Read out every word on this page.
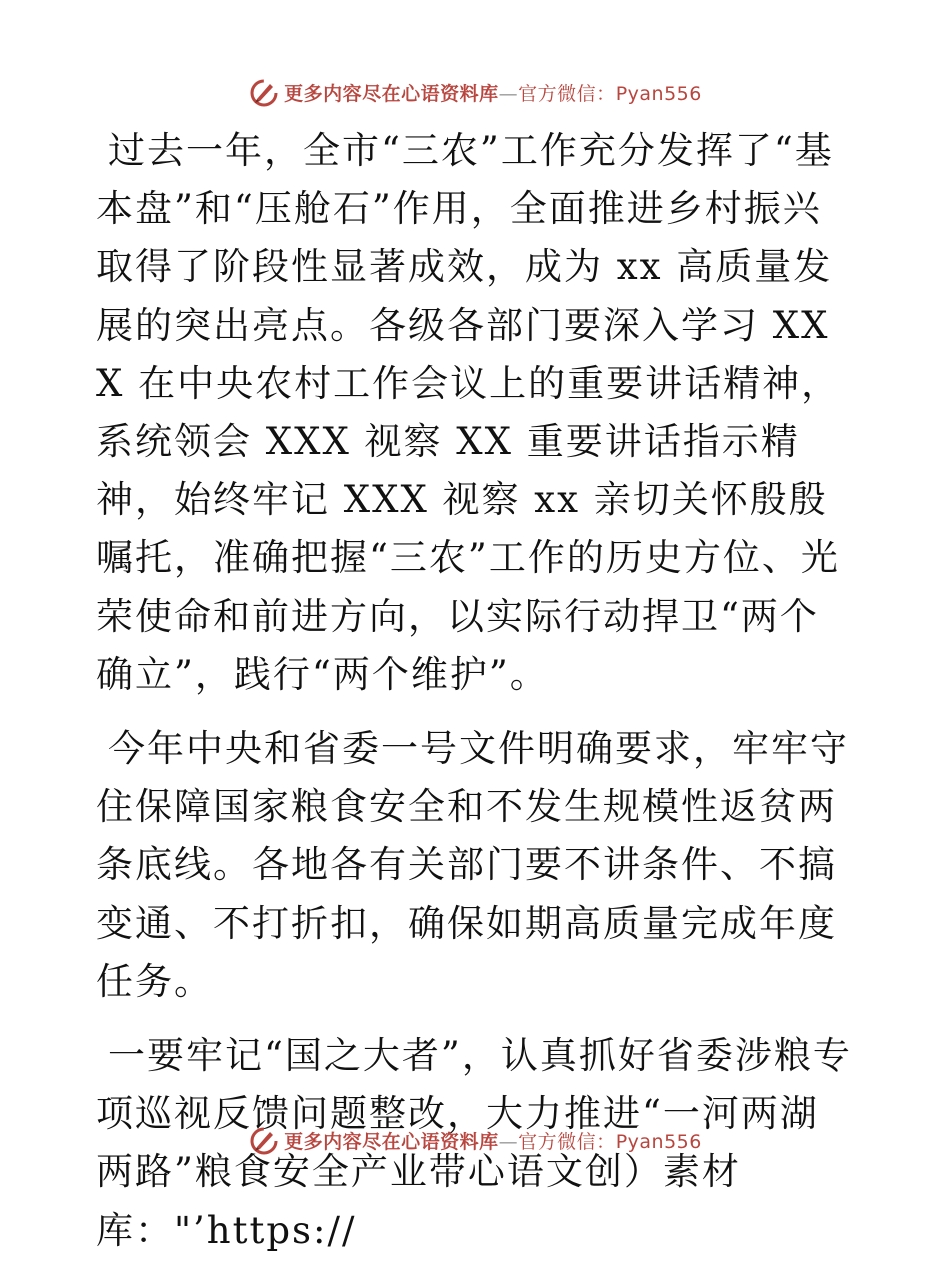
更多内容尽在心语资料库—官方微信：Pyan556

过去一年，全市“三农”工作充分发挥了“基本盘”和“压舱石”作用，全面推进乡村振兴取得了阶段性显著成效，成为 xx 高质量发展的突出亮点。各级各部门要深入学习 XXX 在中央农村工作会议上的重要讲话精神，系统领会 XXX 视察 XX 重要讲话指示精神，始终牢记 XXX 视察 xx 亲切关怀殷殷嘱托，准确把握“三农”工作的历史方位、光荣使命和前进方向，以实际行动捍卫“两个确立”，践行“两个维护”。

今年中央和省委一号文件明确要求，牢牢守住保障国家粮食安全和不发生规模性返贫两条底线。各地各有关部门要不讲条件、不搞变通、不打折扣，确保如期高质量完成年度任务。

一要牢记“国之大者”，认真抓好省委涉粮专项巡视反馈问题整改，大力推进“一河两湖两路”粮食安全产业带心语文创）素材库："’https://

更多内容尽在心语资料库—官方微信：Pyan556
